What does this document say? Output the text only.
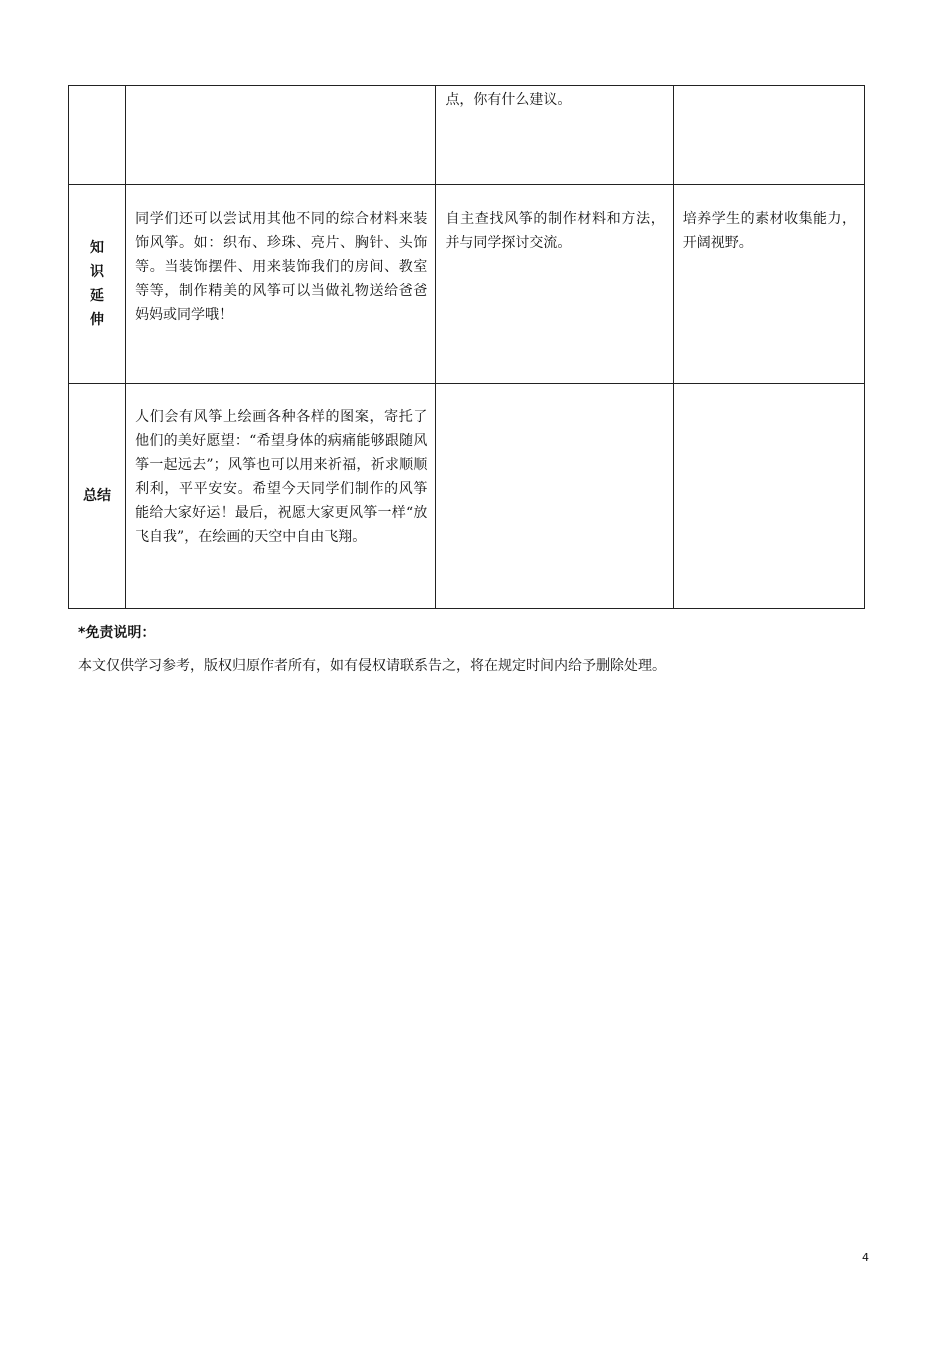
		点，你有什么建议。	

知识延伸	同学们还可以尝试用其他不同的综合材料来装饰风筝。如：织布、珍珠、亮片、胸针、头饰等。当装饰摆件、用来装饰我们的房间、教室等等，制作精美的风筝可以当做礼物送给爸爸妈妈或同学哦！	自主查找风筝的制作材料和方法，并与同学探讨交流。	培养学生的素材收集能力，开阔视野。

总结	人们会有风筝上绘画各种各样的图案，寄托了他们的美好愿望：“希望身体的病痛能够跟随风筝一起远去”；风筝也可以用来祈福，祈求顺顺利利，平平安安。希望今天同学们制作的风筝能给大家好运！最后，祝愿大家更风筝一样“放飞自我”，在绘画的天空中自由飞翔。		

*免责说明：

本文仅供学习参考，版权归原作者所有，如有侵权请联系告之，将在规定时间内给予删除处理。

4
